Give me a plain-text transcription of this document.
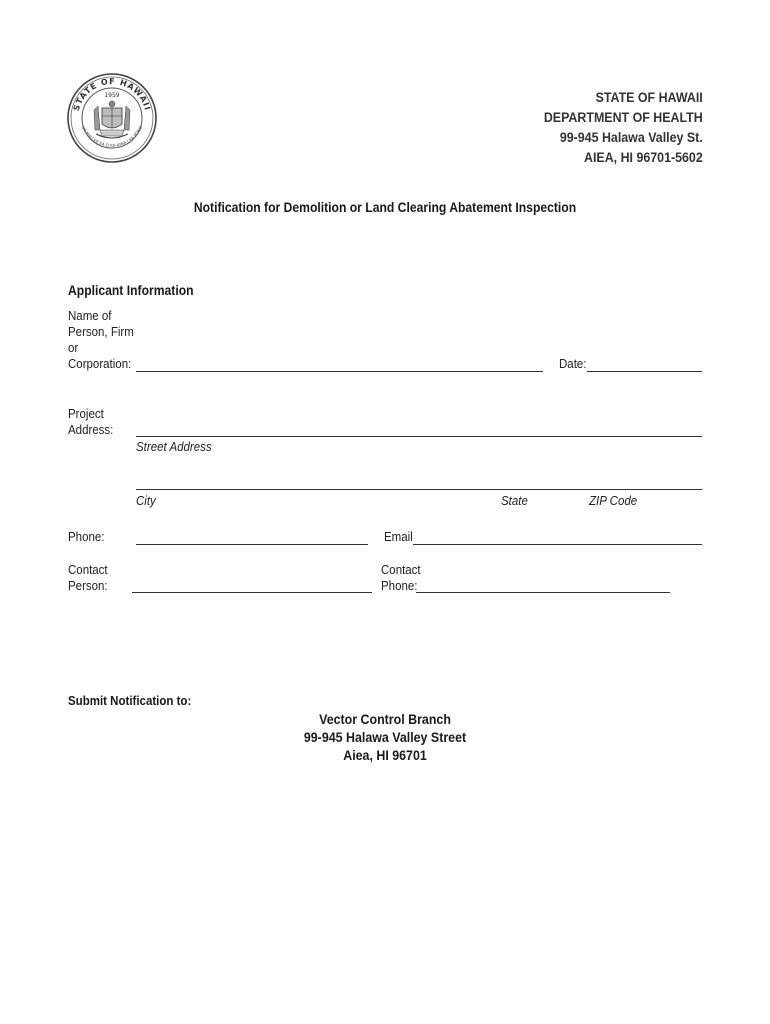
STATE OF HAWAII
UA MAU KE EA O KA AINA I KA PONO
1959	STATE OF HAWAII
DEPARTMENT OF HEALTH
99-945 Halawa Valley St.
AIEA, HI 96701-5602
Notification for Demolition or Land Clearing Abatement Inspection
Applicant Information
Name of
Person, Firm
or
Corporation:	Date:
Project
Address:
Street Address
City	State	ZIP Code
Phone:	Email
Contact
Person:
Contact
Phone:
Submit Notification to:
Vector Control Branch
99-945 Halawa Valley Street
Aiea, HI 96701
